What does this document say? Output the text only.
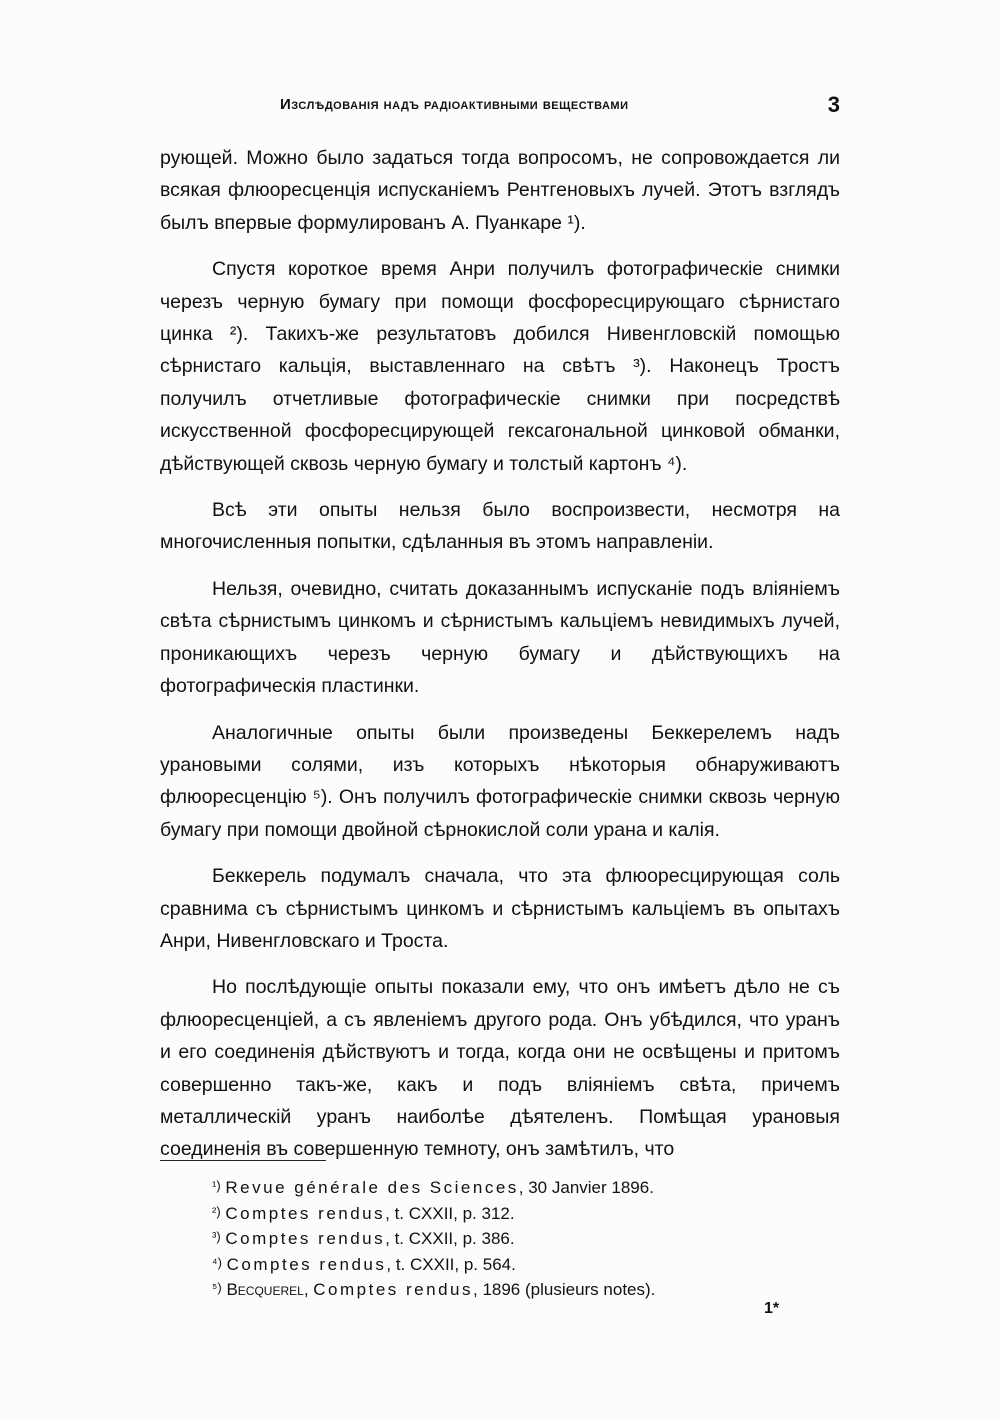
Изслѣдованія надъ радіоактивными веществами	3

рующей. Можно было задаться тогда вопросомъ, не сопровождается ли всякая флюоресценція испусканіемъ Рентгеновыхъ лучей. Этотъ взглядъ былъ впервые формулированъ А. Пуанкаре ¹).

Спустя короткое время Анри получилъ фотографическіе снимки черезъ черную бумагу при помощи фосфоресцирующаго сѣрнистаго цинка ²). Такихъ-же результатовъ добился Нивенгловскій помощью сѣрнистаго кальція, выставленнаго на свѣтъ ³). Наконецъ Тростъ получилъ отчетливые фотографическіе снимки при посредствѣ искусственной фосфоресцирующей гексагональной цинковой обманки, дѣйствующей сквозь черную бумагу и толстый картонъ ⁴).

Всѣ эти опыты нельзя было воспроизвести, несмотря на многочисленныя попытки, сдѣланныя въ этомъ направленіи.

Нельзя, очевидно, считать доказаннымъ испусканіе подъ вліяніемъ свѣта сѣрнистымъ цинкомъ и сѣрнистымъ кальціемъ невидимыхъ лучей, проникающихъ черезъ черную бумагу и дѣйствующихъ на фотографическія пластинки.

Аналогичные опыты были произведены Беккерелемъ надъ урановыми солями, изъ которыхъ нѣкоторыя обнаруживаютъ флюоресценцію ⁵). Онъ получилъ фотографическіе снимки сквозь черную бумагу при помощи двойной сѣрнокислой соли урана и калія.

Беккерель подумалъ сначала, что эта флюоресцирующая соль сравнима съ сѣрнистымъ цинкомъ и сѣрнистымъ кальціемъ въ опытахъ Анри, Нивенгловскаго и Троста.

Но послѣдующіе опыты показали ему, что онъ имѣетъ дѣло не съ флюоресценціей, а съ явленіемъ другого рода. Онъ убѣдился, что уранъ и его соединенія дѣйствуютъ и тогда, когда они не освѣщены и притомъ совершенно такъ-же, какъ и подъ вліяніемъ свѣта, причемъ металлическій уранъ наиболѣе дѣятеленъ. Помѣщая урановыя соединенія въ совершенную темноту, онъ замѣтилъ, что

¹) Revue générale des Sciences, 30 Janvier 1896.
²) Comptes rendus, t. CXXII, p. 312.
³) Comptes rendus, t. CXXII, p. 386.
⁴) Comptes rendus, t. CXXII, p. 564.
⁵) Becquerel, Comptes rendus, 1896 (plusieurs notes).
1*
